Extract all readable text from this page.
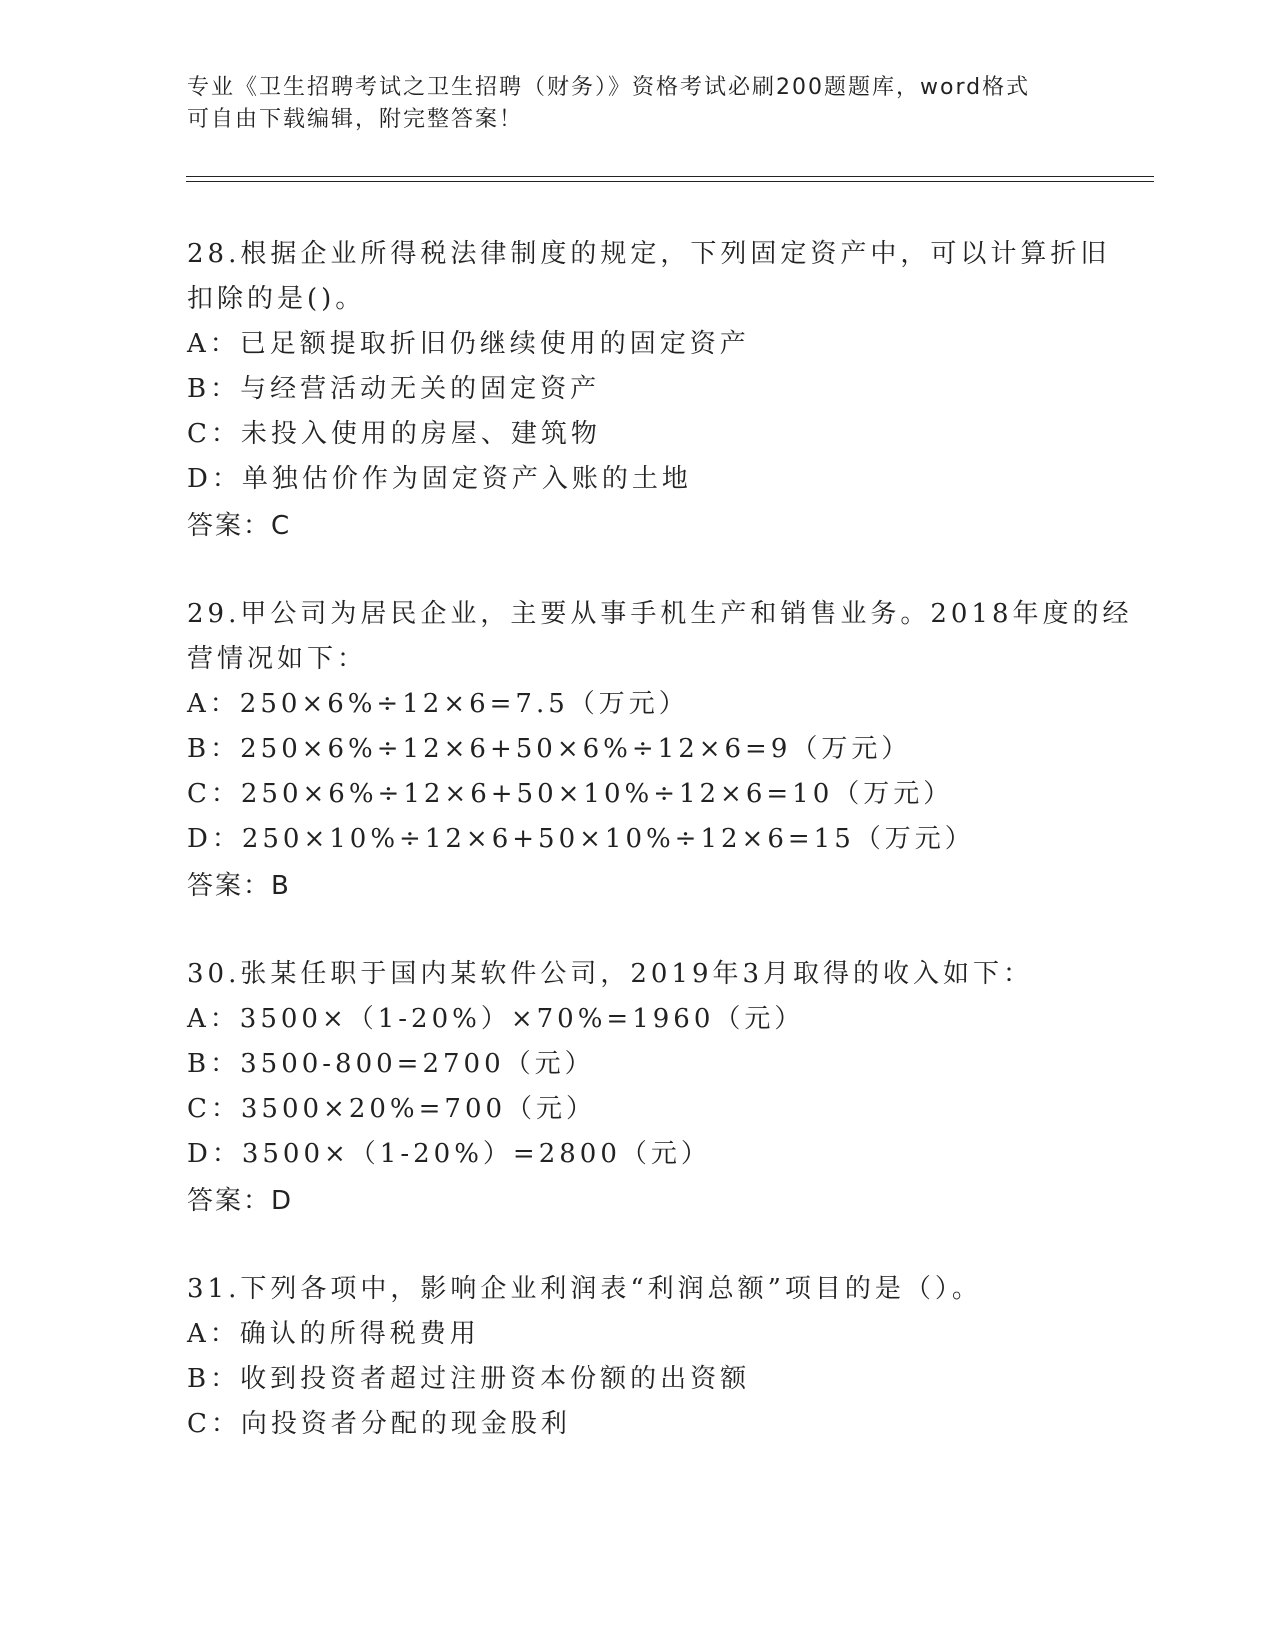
专业《卫生招聘考试之卫生招聘（财务）》资格考试必刷200题题库，word格式
可自由下载编辑，附完整答案！
28.根据企业所得税法律制度的规定，下列固定资产中，可以计算折旧
扣除的是()。
A：已足额提取折旧仍继续使用的固定资产
B：与经营活动无关的固定资产
C：未投入使用的房屋、建筑物
D：单独估价作为固定资产入账的土地
答案：C
29.甲公司为居民企业，主要从事手机生产和销售业务。2018年度的经
营情况如下：
A：250×6%÷12×6=7.5（万元）
B：250×6%÷12×6+50×6%÷12×6=9（万元）
C：250×6%÷12×6+50×10%÷12×6=10（万元）
D：250×10%÷12×6+50×10%÷12×6=15（万元）
答案：B
30.张某任职于国内某软件公司，2019年3月取得的收入如下：
A：3500×（1-20%）×70%=1960（元）
B：3500-800=2700（元）
C：3500×20%=700（元）
D：3500×（1-20%）=2800（元）
答案：D
31.下列各项中，影响企业利润表“利润总额”项目的是（）。
A：确认的所得税费用
B：收到投资者超过注册资本份额的出资额
C：向投资者分配的现金股利
